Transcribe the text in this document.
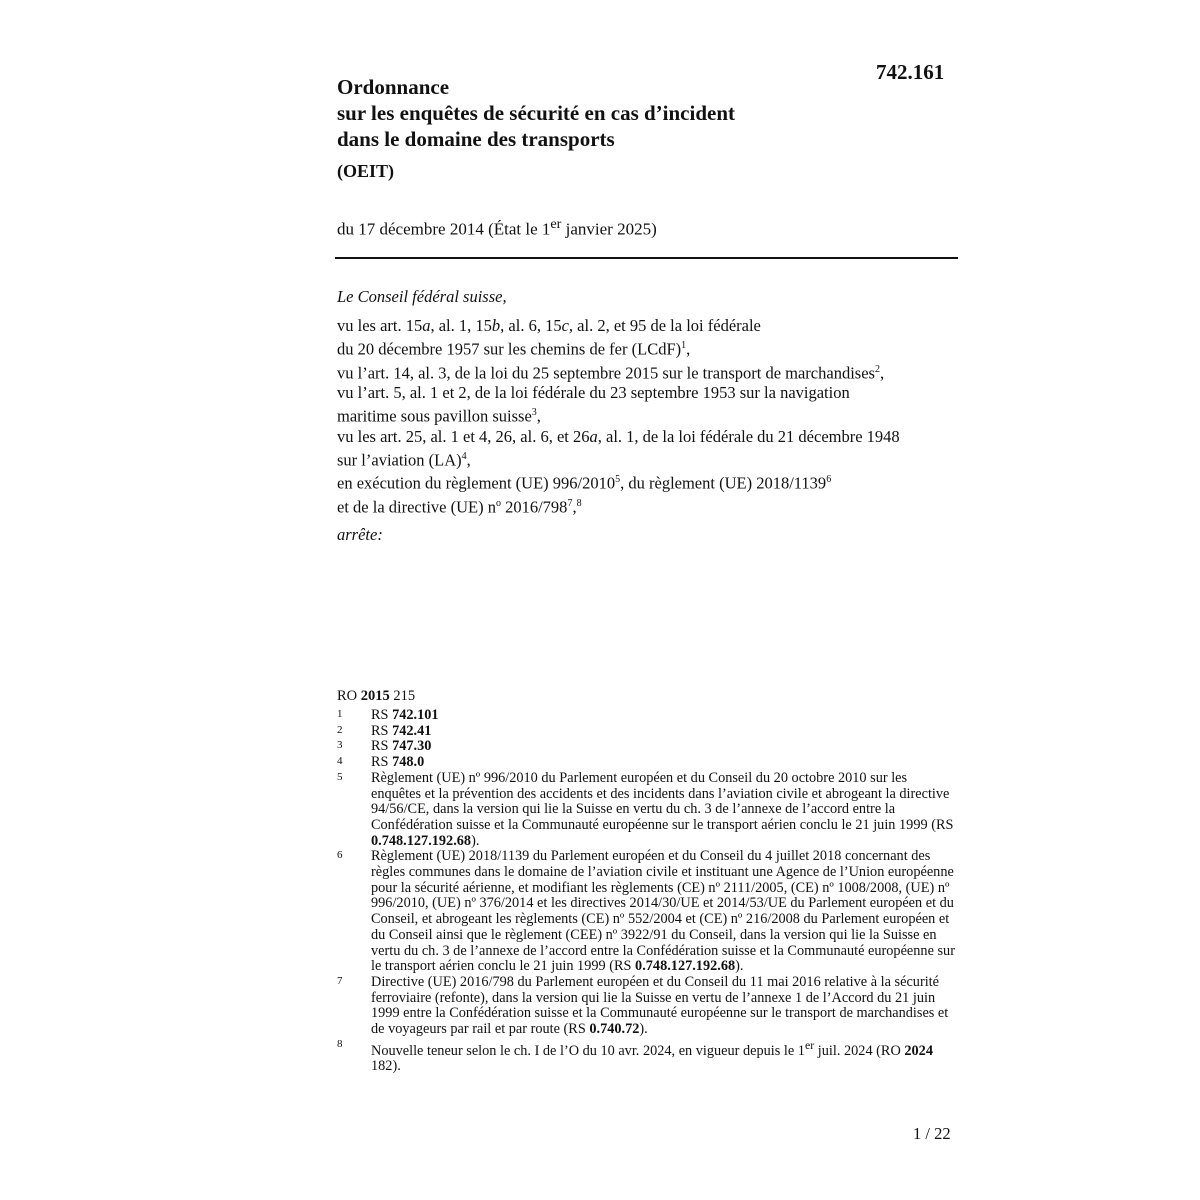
742.161
Ordonnance
sur les enquêtes de sécurité en cas d’incident
dans le domaine des transports
(OEIT)
du 17 décembre 2014 (État le 1er janvier 2025)
Le Conseil fédéral suisse,
vu les art. 15a, al. 1, 15b, al. 6, 15c, al. 2, et 95 de la loi fédérale
du 20 décembre 1957 sur les chemins de fer (LCdF)$^1$,
vu l’art. 14, al. 3, de la loi du 25 septembre 2015 sur le transport de marchandises$^2$,
vu l’art. 5, al. 1 et 2, de la loi fédérale du 23 septembre 1953 sur la navigation
maritime sous pavillon suisse$^3$,
vu les art. 25, al. 1 et 4, 26, al. 6, et 26a, al. 1, de la loi fédérale du 21 décembre 1948
sur l’aviation (LA)$^4$,
en exécution du règlement (UE) 996/2010$^5$, du règlement (UE) 2018/1139$^6$
et de la directive (UE) $n^o$ $2016/798^7,^8$
arrête:
RO 2015 215
1	RS 742.101
2	RS 742.41
3	RS 747.30
4	RS 748.0
5	Règlement (UE) nº 996/2010 du Parlement européen et du Conseil du 20 octobre 2010 sur les enquêtes et la prévention des accidents et des incidents dans l’aviation civile et abrogeant la directive 94/56/CE, dans la version qui lie la Suisse en vertu du ch. 3 de l’annexe de l’accord entre la Confédération suisse et la Communauté européenne sur le transport aérien conclu le 21 juin 1999 (RS 0.748.127.192.68).
6	Règlement (UE) 2018/1139 du Parlement européen et du Conseil du 4 juillet 2018 concernant des règles communes dans le domaine de l’aviation civile et instituant une Agence de l’Union européenne pour la sécurité aérienne, et modifiant les règlements (CE) nº 2111/2005, (CE) nº 1008/2008, (UE) nº 996/2010, (UE) nº 376/2014 et les directives 2014/30/UE et 2014/53/UE du Parlement européen et du Conseil, et abrogeant les règlements (CE) nº 552/2004 et (CE) nº 216/2008 du Parlement européen et du Conseil ainsi que le règlement (CEE) nº 3922/91 du Conseil, dans la version qui lie la Suisse en vertu du ch. 3 de l’annexe de l’accord entre la Confédération suisse et la Communauté européenne sur le transport aérien conclu le 21 juin 1999 (RS 0.748.127.192.68).
7	Directive (UE) 2016/798 du Parlement européen et du Conseil du 11 mai 2016 relative à la sécurité ferroviaire (refonte), dans la version qui lie la Suisse en vertu de l’annexe 1 de l’Accord du 21 juin 1999 entre la Confédération suisse et la Communauté européenne sur le transport de marchandises et de voyageurs par rail et par route (RS 0.740.72).
8	Nouvelle teneur selon le ch. I de l’O du 10 avr. 2024, en vigueur depuis le 1er juil. 2024 (RO 2024 182).
1 / 22
